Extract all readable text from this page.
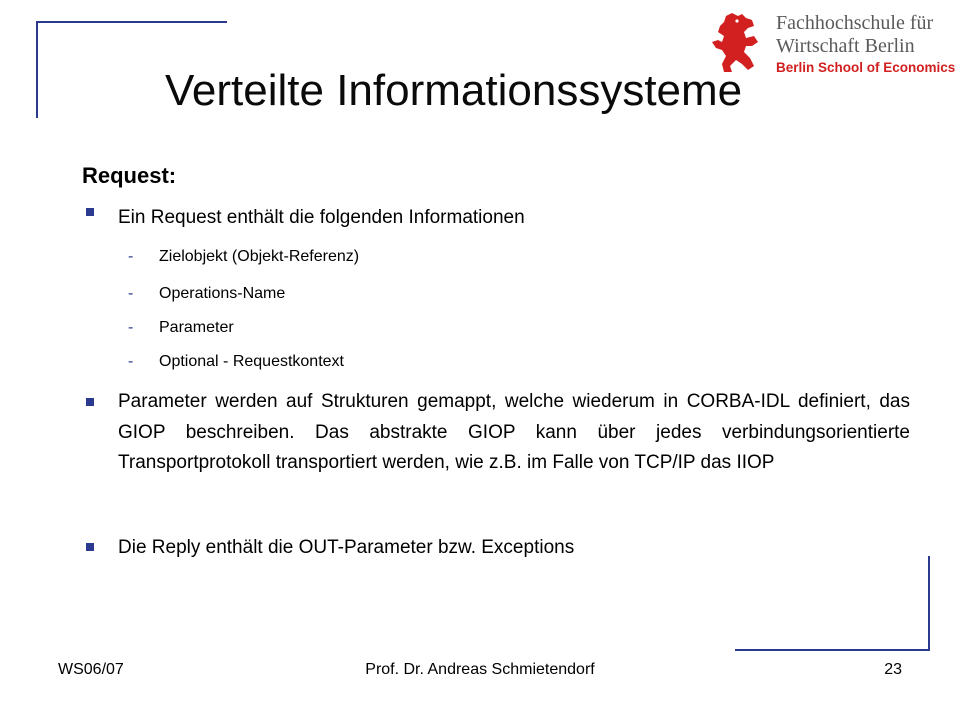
Fachhochschule für
Wirtschaft Berlin
Berlin School of Economics
Verteilte Informationssysteme
Request:
Ein Request enthält die folgenden Informationen
- Zielobjekt (Objekt-Referenz)
- Operations-Name
- Parameter
- Optional - Requestkontext
Parameter werden auf Strukturen gemappt, welche wiederum in CORBA-IDL definiert, das GIOP beschreiben. Das abstrakte GIOP kann über jedes verbindungsorientierte Transportprotokoll transportiert werden, wie z.B. im Falle von TCP/IP das IIOP
Die Reply enthält die OUT-Parameter bzw. Exceptions
WS06/07	Prof. Dr. Andreas Schmietendorf	23
